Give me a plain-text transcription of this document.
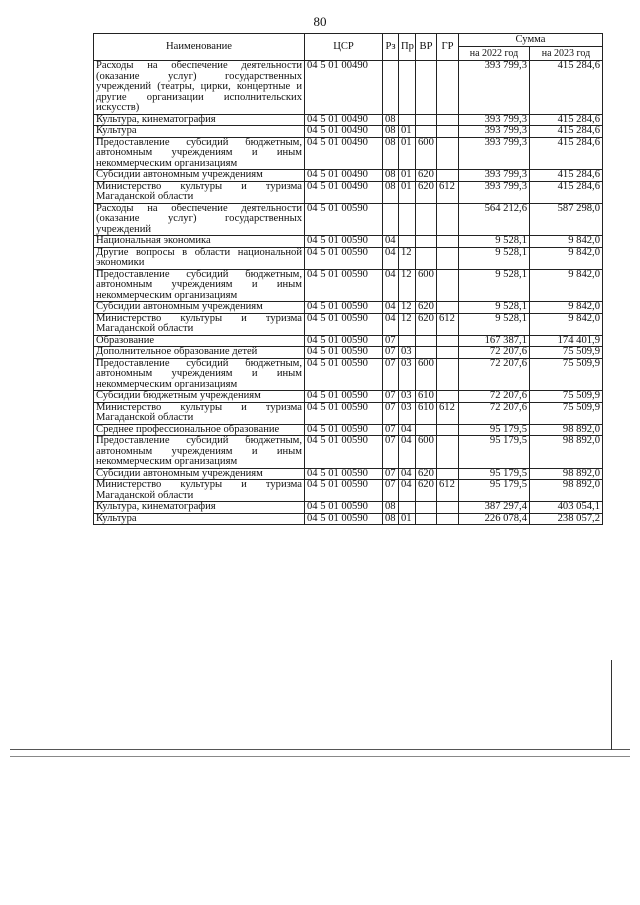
80
Наименование	ЦСР	Рз	Пр	ВР	ГР	Сумма	
						на 2022 год	на 2023 год
Расходы на обеспечение деятельности (оказание услуг) государственных учреждений (театры, цирки, концертные и другие организации исполнительских искусств)	04 5 01 00490					393 799,3	415 284,6
Культура, кинематография	04 5 01 00490	08				393 799,3	415 284,6
Культура	04 5 01 00490	08	01			393 799,3	415 284,6
Предоставление субсидий бюджетным, автономным учреждениям и иным некоммерческим организациям	04 5 01 00490	08	01	600		393 799,3	415 284,6
Субсидии автономным учреждениям	04 5 01 00490	08	01	620		393 799,3	415 284,6
Министерство культуры и туризма Магаданской области	04 5 01 00490	08	01	620	612	393 799,3	415 284,6
Расходы на обеспечение деятельности (оказание услуг) государственных учреждений	04 5 01 00590					564 212,6	587 298,0
Национальная экономика	04 5 01 00590	04				9 528,1	9 842,0
Другие вопросы в области национальной экономики	04 5 01 00590	04	12			9 528,1	9 842,0
Предоставление субсидий бюджетным, автономным учреждениям и иным некоммерческим организациям	04 5 01 00590	04	12	600		9 528,1	9 842,0
Субсидии автономным учреждениям	04 5 01 00590	04	12	620		9 528,1	9 842,0
Министерство культуры и туризма Магаданской области	04 5 01 00590	04	12	620	612	9 528,1	9 842,0
Образование	04 5 01 00590	07				167 387,1	174 401,9
Дополнительное образование детей	04 5 01 00590	07	03			72 207,6	75 509,9
Предоставление субсидий бюджетным, автономным учреждениям и иным некоммерческим организациям	04 5 01 00590	07	03	600		72 207,6	75 509,9
Субсидии бюджетным учреждениям	04 5 01 00590	07	03	610		72 207,6	75 509,9
Министерство культуры и туризма Магаданской области	04 5 01 00590	07	03	610	612	72 207,6	75 509,9
Среднее профессиональное образование	04 5 01 00590	07	04			95 179,5	98 892,0
Предоставление субсидий бюджетным, автономным учреждениям и иным некоммерческим организациям	04 5 01 00590	07	04	600		95 179,5	98 892,0
Субсидии автономным учреждениям	04 5 01 00590	07	04	620		95 179,5	98 892,0
Министерство культуры и туризма Магаданской области	04 5 01 00590	07	04	620	612	95 179,5	98 892,0
Культура, кинематография	04 5 01 00590	08				387 297,4	403 054,1
Культура	04 5 01 00590	08	01			226 078,4	238 057,2
